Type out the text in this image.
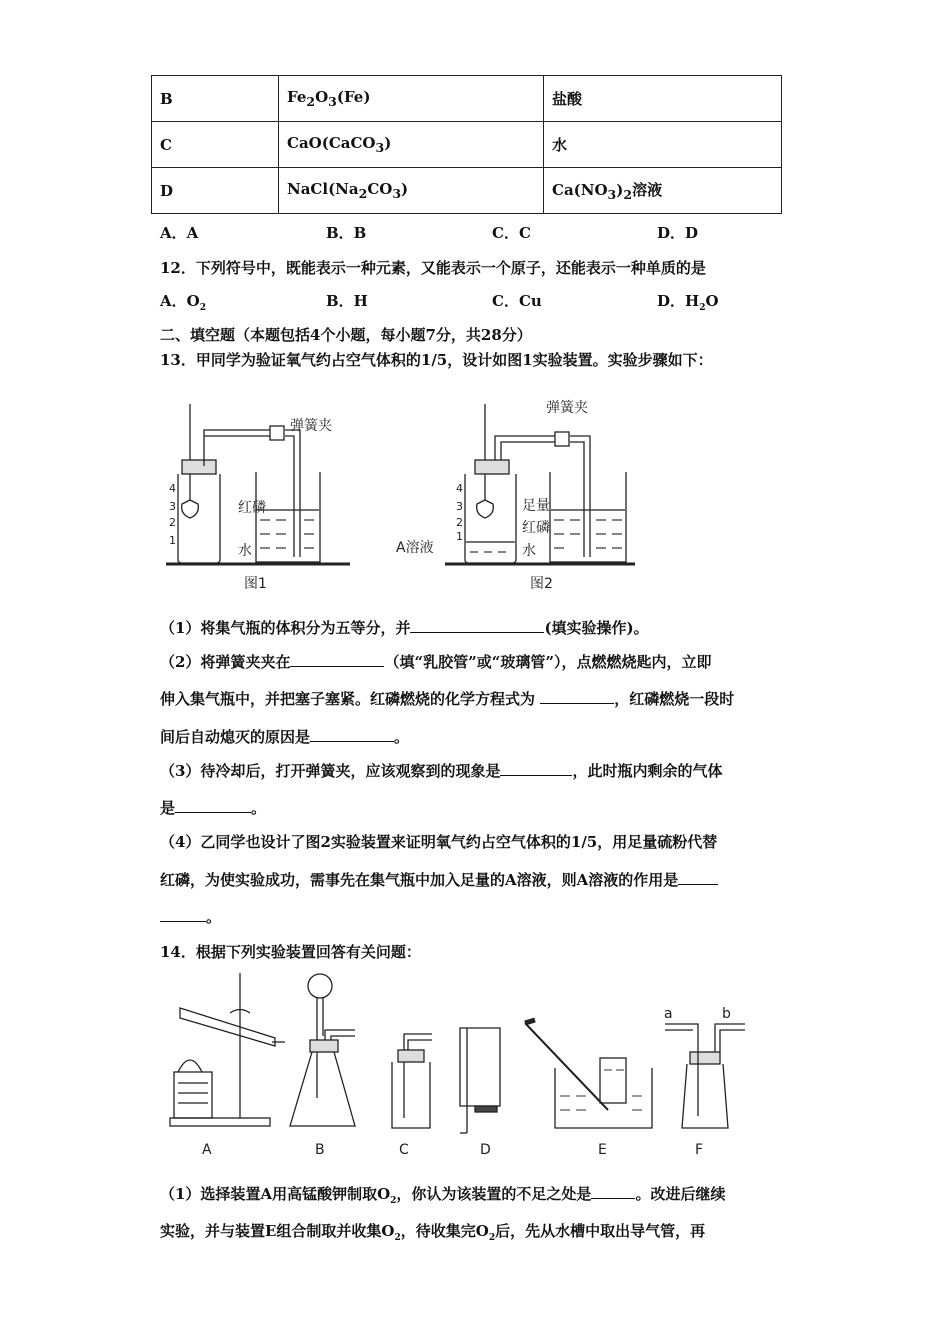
B	$Fe_2O_3(Fe)$	盐酸
C	CaO(CaCO$_3$)	水
D	$NaCl(Na_2CO_3)$	$Ca(NO_3)_2$溶液
A．A	B．B	C．C	D．D
12．下列符号中，既能表示一种元素，又能表示一个原子，还能表示一种单质的是
A．$O_2$	B．H	C．Cu	D．$H_2O$
二、填空题（本题包括4个小题，每小题7分，共28分）
13．甲同学为验证氧气约占空气体积的1/5，设计如图1实验装置。实验步骤如下：
4
3
2
1
弹簧夹
红磷
水
图1
4
3
2
1
弹簧夹
足量
红磷
水
A溶液
图2
（1）将集气瓶的体积分为五等分，并	(填实验操作)。
（2）将弹簧夹夹在	（填“乳胶管”或“玻璃管”），点燃燃烧匙内，立即
伸入集气瓶中，并把塞子塞紧。红磷燃烧的化学方程式为	，红磷燃烧一段时
间后自动熄灭的原因是	。
（3）待冷却后，打开弹簧夹，应该观察到的现象是	，此时瓶内剩余的气体
是	。
（4）乙同学也设计了图2实验装置来证明氧气约占空气体积的1/5，用足量硫粉代替
红磷，为使实验成功，需事先在集气瓶中加入足量的A溶液，则A溶液的作用是
。
14．根据下列实验装置回答有关问题：
A	B	C	D	E	F
a	b
（1）选择装置A用高锰酸钾制取$O_2$，你认为该装置的不足之处是	。改进后继续
实验，并与装置E组合制取并收集$O_2$，待收集完$O_2$后，先从水槽中取出导气管，再
